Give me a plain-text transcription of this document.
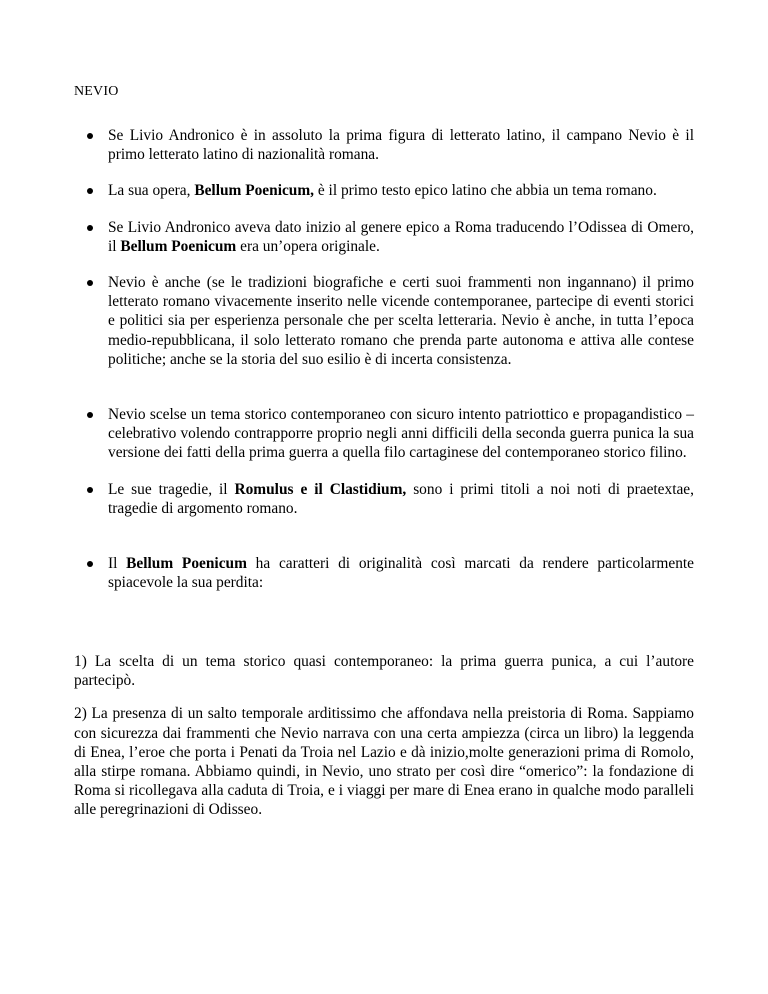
NEVIO
Se Livio Andronico è in assoluto la prima figura di letterato latino, il campano Nevio è il primo letterato latino di nazionalità romana.
La sua opera, Bellum Poenicum, è il primo testo epico latino che abbia un tema romano.
Se Livio Andronico aveva dato inizio al genere epico a Roma traducendo l’Odissea di Omero, il Bellum Poenicum era un’opera originale.
Nevio è anche (se le tradizioni biografiche e certi suoi frammenti non ingannano) il primo letterato romano vivacemente inserito nelle vicende contemporanee, partecipe di eventi storici e politici sia per esperienza personale che per scelta letteraria. Nevio è anche, in tutta l’epoca medio-repubblicana, il solo letterato romano che prenda parte autonoma e attiva alle contese politiche; anche se la storia del suo esilio è di incerta consistenza.
Nevio scelse un tema storico contemporaneo con sicuro intento patriottico e propagandistico –celebrativo volendo contrapporre proprio negli anni difficili della seconda guerra punica la sua versione dei fatti della prima guerra a quella filo cartaginese del contemporaneo storico filino.
Le sue tragedie, il Romulus e il Clastidium, sono i primi titoli a noi noti di praetextae, tragedie di argomento romano.
Il Bellum Poenicum ha caratteri di originalità così marcati da rendere particolarmente spiacevole la sua perdita:

1) La scelta di un tema storico quasi contemporaneo: la prima guerra punica, a cui l’autore partecipò.

2) La presenza di un salto temporale arditissimo che affondava nella preistoria di Roma. Sappiamo con sicurezza dai frammenti che Nevio narrava con una certa ampiezza (circa un libro) la leggenda di Enea, l’eroe che porta i Penati da Troia nel Lazio e dà inizio,molte generazioni prima di Romolo, alla stirpe romana. Abbiamo quindi, in Nevio, uno strato per così dire “omerico”: la fondazione di Roma si ricollegava alla caduta di Troia, e i viaggi per mare di Enea erano in qualche modo paralleli alle peregrinazioni di Odisseo.
